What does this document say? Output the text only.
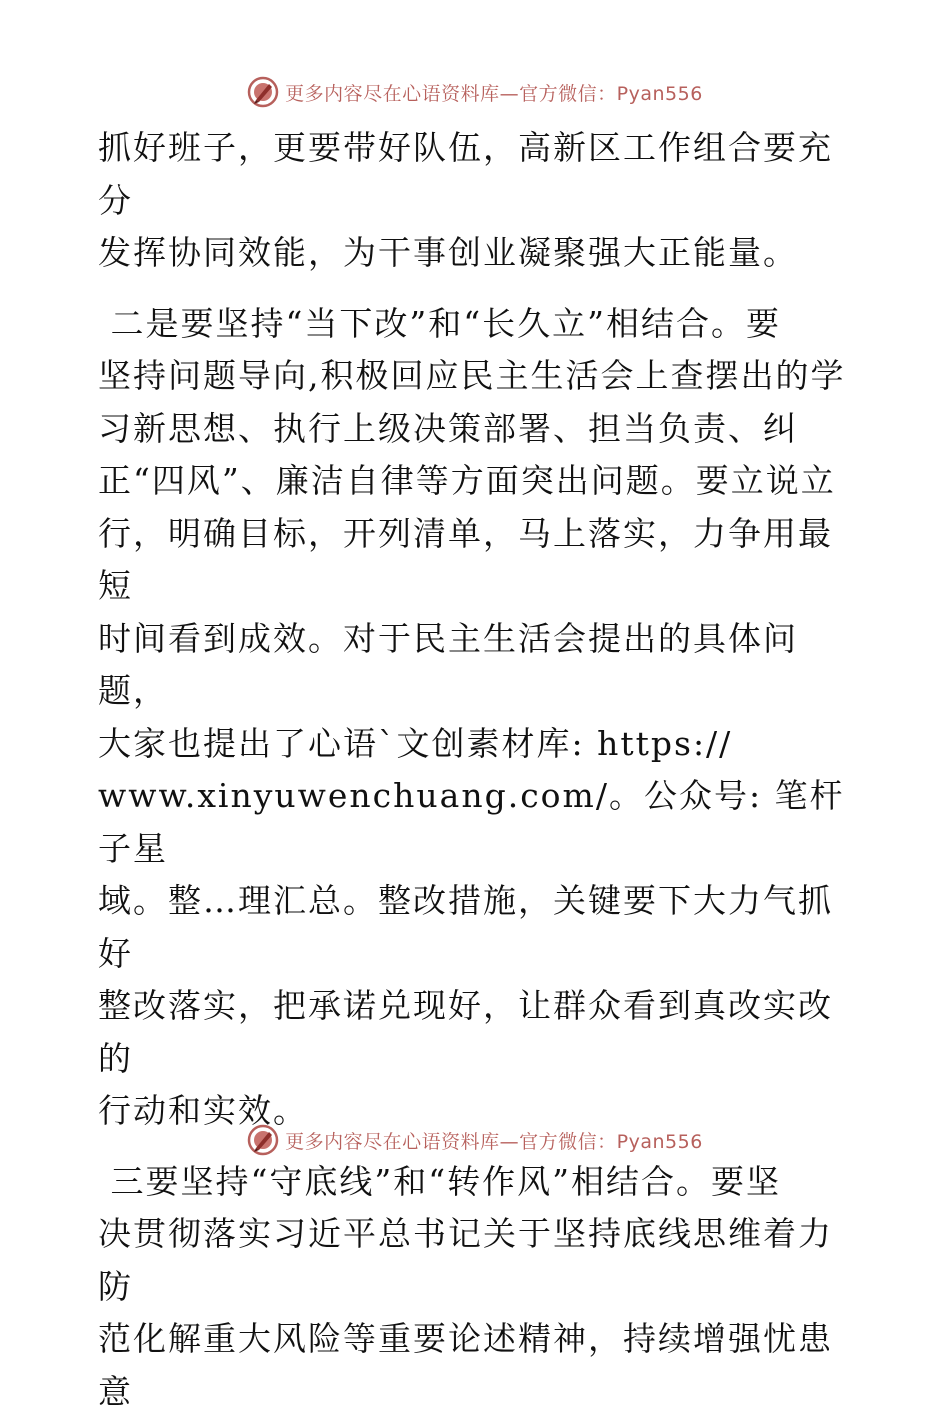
更多内容尽在心语资料库—官方微信：Pyan556

抓好班子，更要带好队伍，高新区工作组合要充分
发挥协同效能，为干事创业凝聚强大正能量。

二是要坚持“当下改”和“长久立”相结合。要
坚持问题导向,积极回应民主生活会上查摆出的学
习新思想、执行上级决策部署、担当负责、纠
正“四风”、廉洁自律等方面突出问题。要立说立
行，明确目标，开列清单，马上落实，力争用最短
时间看到成效。对于民主生活会提出的具体问题，
大家也提出了心语`文创素材库: https://
www.xinyuwenchuang.com/。公众号: 笔杆子星
域。整…理汇总。整改措施，关键要下大力气抓好
整改落实，把承诺兑现好，让群众看到真改实改的
行动和实效。

三要坚持“守底线”和“转作风”相结合。要坚
决贯彻落实习近平总书记关于坚持底线思维着力防
范化解重大风险等重要论述精神，持续增强忧患意

更多内容尽在心语资料库—官方微信：Pyan556
